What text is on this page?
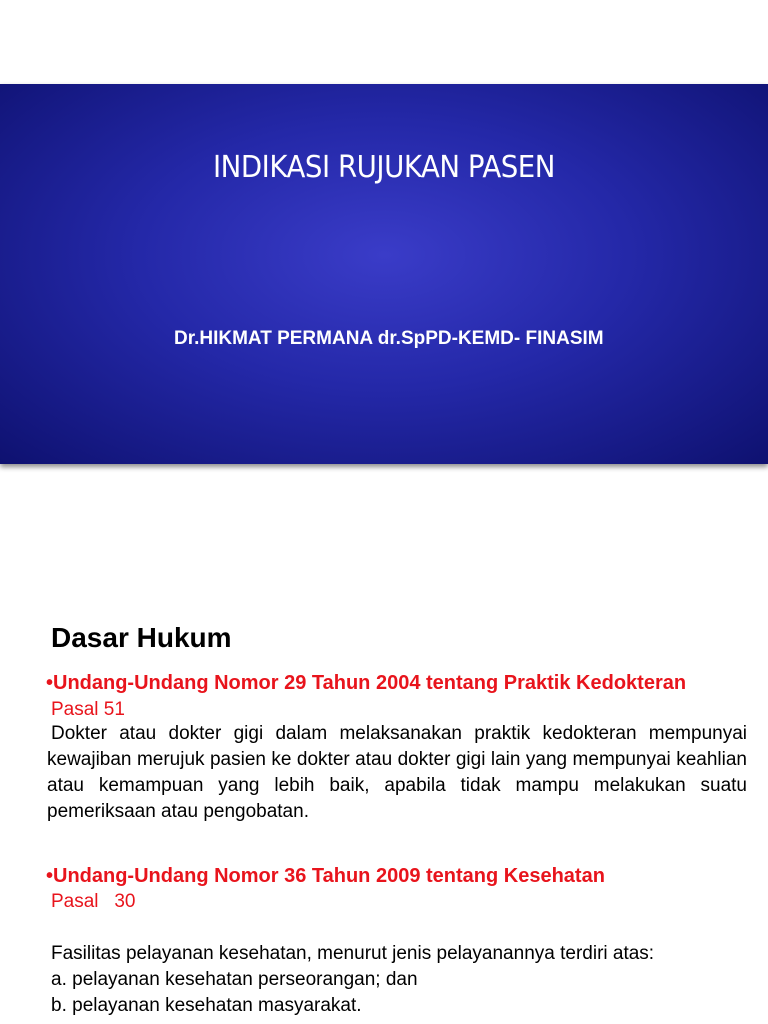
INDIKASI RUJUKAN PASEN
Dr.HIKMAT PERMANA dr.SpPD-KEMD- FINASIM
Dasar Hukum
•Undang-Undang Nomor 29 Tahun 2004 tentang Praktik Kedokteran
Pasal 51
Dokter atau dokter gigi dalam melaksanakan praktik kedokteran mempunyai kewajiban merujuk pasien ke dokter atau dokter gigi lain yang mempunyai keahlian atau kemampuan yang lebih baik, apabila tidak mampu melakukan suatu pemeriksaan atau pengobatan.
•Undang-Undang Nomor 36 Tahun 2009 tentang Kesehatan
Pasal   30
Fasilitas pelayanan kesehatan, menurut jenis pelayanannya terdiri atas:
a. pelayanan kesehatan perseorangan; dan
b. pelayanan kesehatan masyarakat.
